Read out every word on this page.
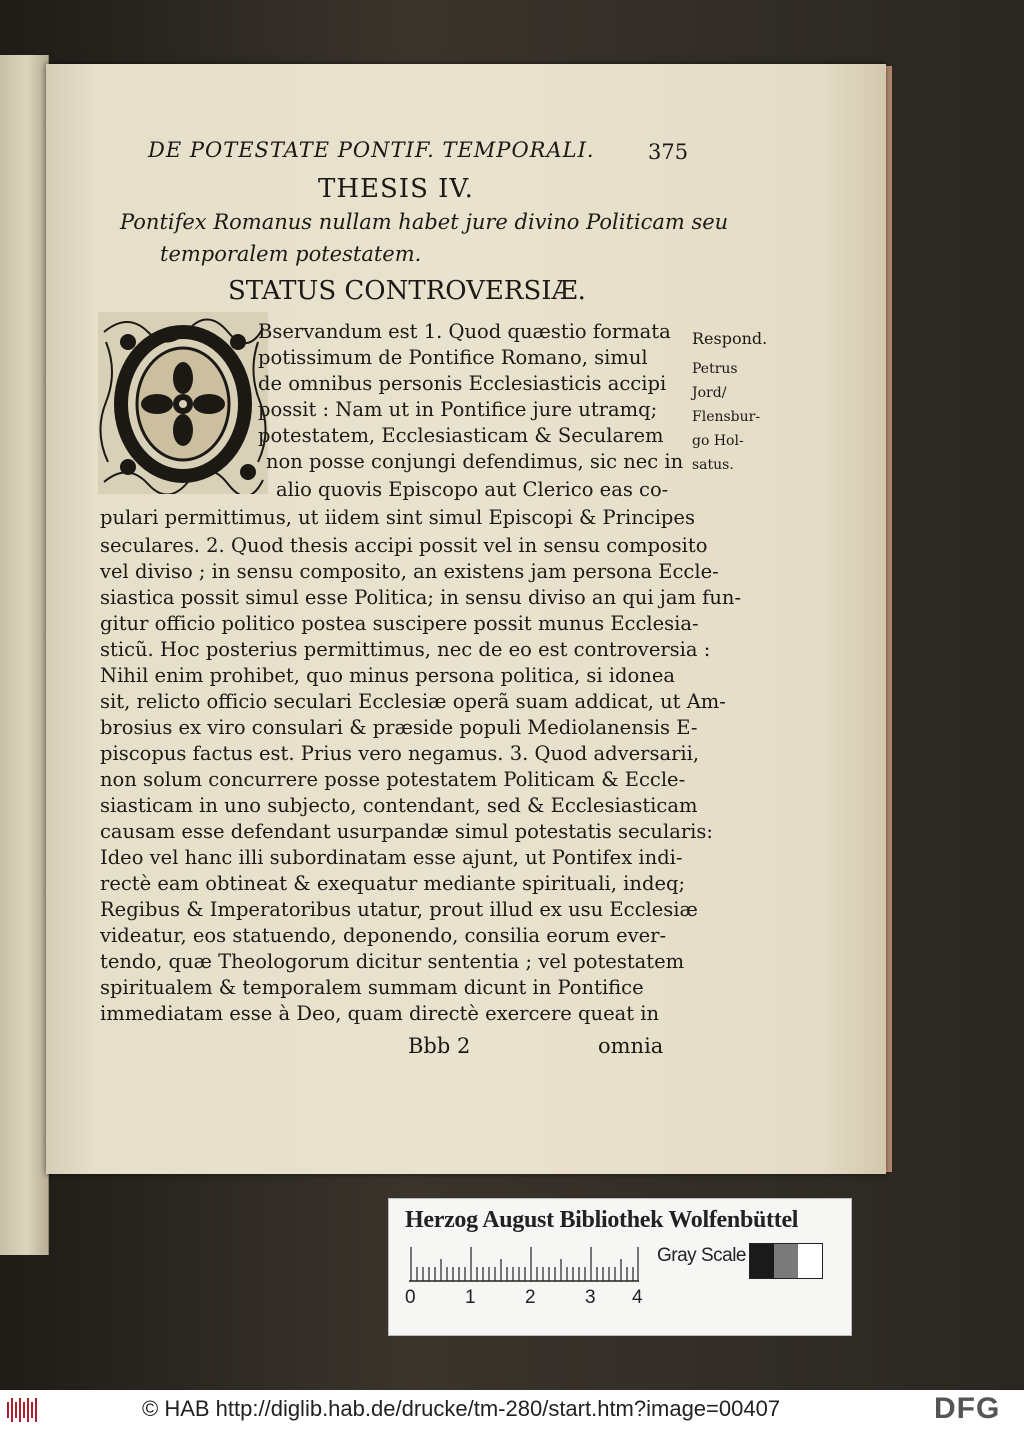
DE POTESTATE PONTIF. TEMPORALI.	375
THESIS IV.
Pontifex Romanus nullam habet jure divino Politicam seu
temporalem potestatem.
STATUS CONTROVERSIÆ.
Bservandum est 1. Quod quæstio formata
potissimum de Pontifice Romano, simul
de omnibus personis Ecclesiasticis accipi
possit : Nam ut in Pontifice jure utramq;
potestatem, Ecclesiasticam & Secularem
non posse conjungi defendimus, sic nec in
alio quovis Episcopo aut Clerico eas co-
pulari permittimus, ut iidem sint simul Episcopi & Principes
seculares. 2. Quod thesis accipi possit vel in sensu composito
vel diviso ; in sensu composito, an existens jam persona Eccle-
siastica possit simul esse Politica; in sensu diviso an qui jam fun-
gitur officio politico postea suscipere possit munus Ecclesia-
sticũ. Hoc posterius permittimus, nec de eo est controversia :
Nihil enim prohibet, quo minus persona politica, si idonea
sit, relicto officio seculari Ecclesiæ operã suam addicat, ut Am-
brosius ex viro consulari & præside populi Mediolanensis E-
piscopus factus est. Prius vero negamus. 3. Quod adversarii,
non solum concurrere posse potestatem Politicam & Eccle-
siasticam in uno subjecto, contendant, sed & Ecclesiasticam
causam esse defendant usurpandæ simul potestatis secularis:
Ideo vel hanc illi subordinatam esse ajunt, ut Pontifex indi-
rectè eam obtineat & exequatur mediante spirituali, indeq;
Regibus & Imperatoribus utatur, prout illud ex usu Ecclesiæ
videatur, eos statuendo, deponendo, consilia eorum ever-
tendo, quæ Theologorum dicitur sententia ; vel potestatem
spiritualem & temporalem summam dicunt in Pontifice
immediatam esse à Deo, quam directè exercere queat in
Respond.
Petrus
Jord/
Flensbur-
go Hol-
satus.
Bbb 2	omnia
Herzog August Bibliothek Wolfenbüttel
0	1	2	3 4
Gray Scale
© HAB http://diglib.hab.de/drucke/tm-280/start.htm?image=00407	DFG
